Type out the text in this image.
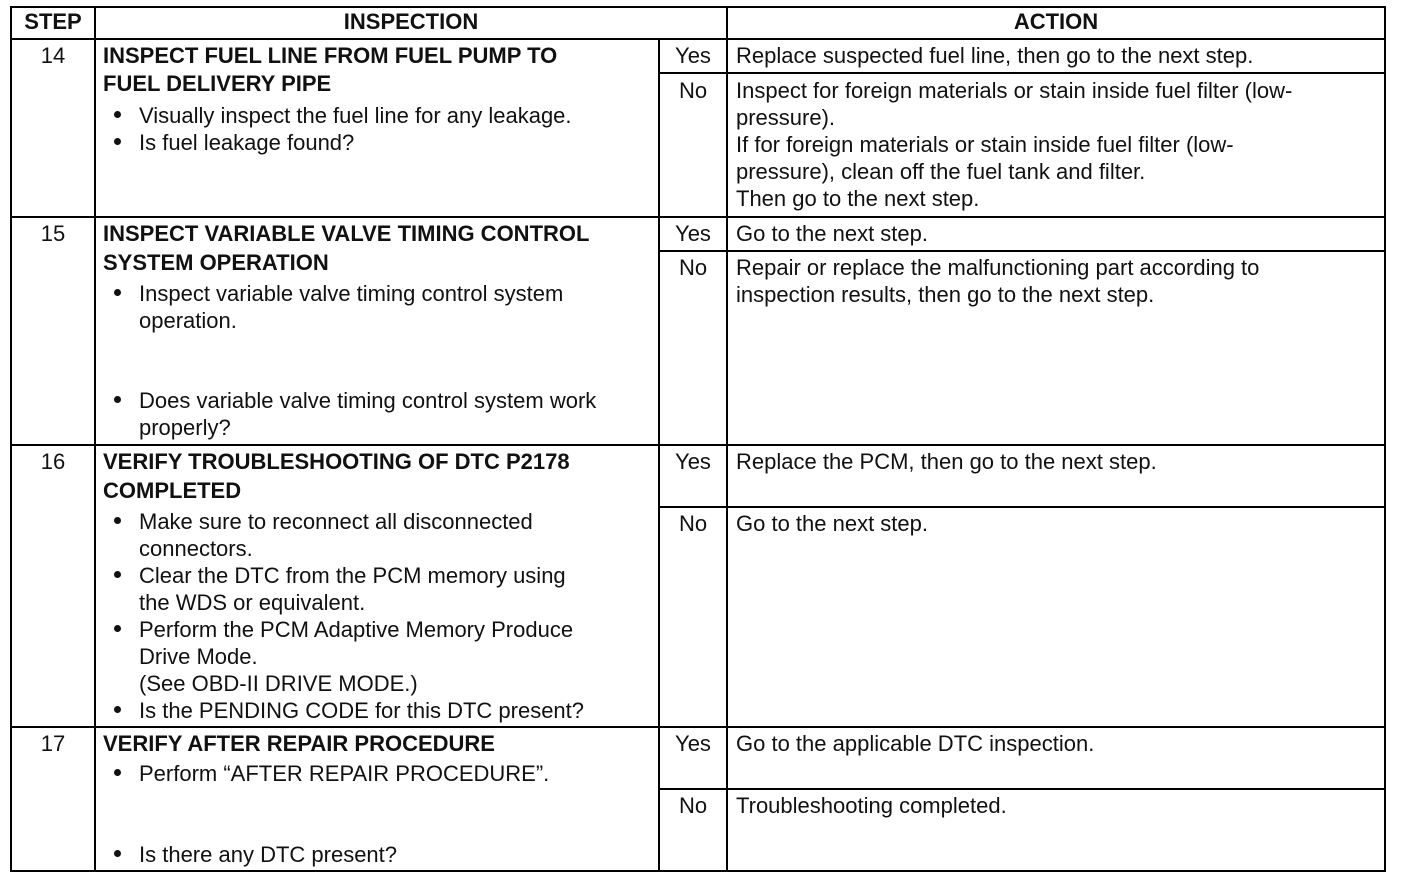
STEP	INSPECTION	ACTION
14	INSPECT FUEL LINE FROM FUEL PUMP TO
FUEL DELIVERY PIPE
Visually inspect the fuel line for any leakage.
Is fuel leakage found?
Yes	Replace suspected fuel line, then go to the next step.
No	Inspect for foreign materials or stain inside fuel filter (low-
pressure).
If for foreign materials or stain inside fuel filter (low-
pressure), clean off the fuel tank and filter.
Then go to the next step.
15	INSPECT VARIABLE VALVE TIMING CONTROL
SYSTEM OPERATION
Inspect variable valve timing control system
operation.
Does variable valve timing control system work
properly?
Yes	Go to the next step.
No	Repair or replace the malfunctioning part according to
inspection results, then go to the next step.
16	VERIFY TROUBLESHOOTING OF DTC P2178
COMPLETED
Make sure to reconnect all disconnected
connectors.
Clear the DTC from the PCM memory using
the WDS or equivalent.
Perform the PCM Adaptive Memory Produce
Drive Mode.
(See OBD-II DRIVE MODE.)
Is the PENDING CODE for this DTC present?
Yes	Replace the PCM, then go to the next step.
No	Go to the next step.
17	VERIFY AFTER REPAIR PROCEDURE
Perform “AFTER REPAIR PROCEDURE”.
Is there any DTC present?
Yes	Go to the applicable DTC inspection.
No	Troubleshooting completed.
